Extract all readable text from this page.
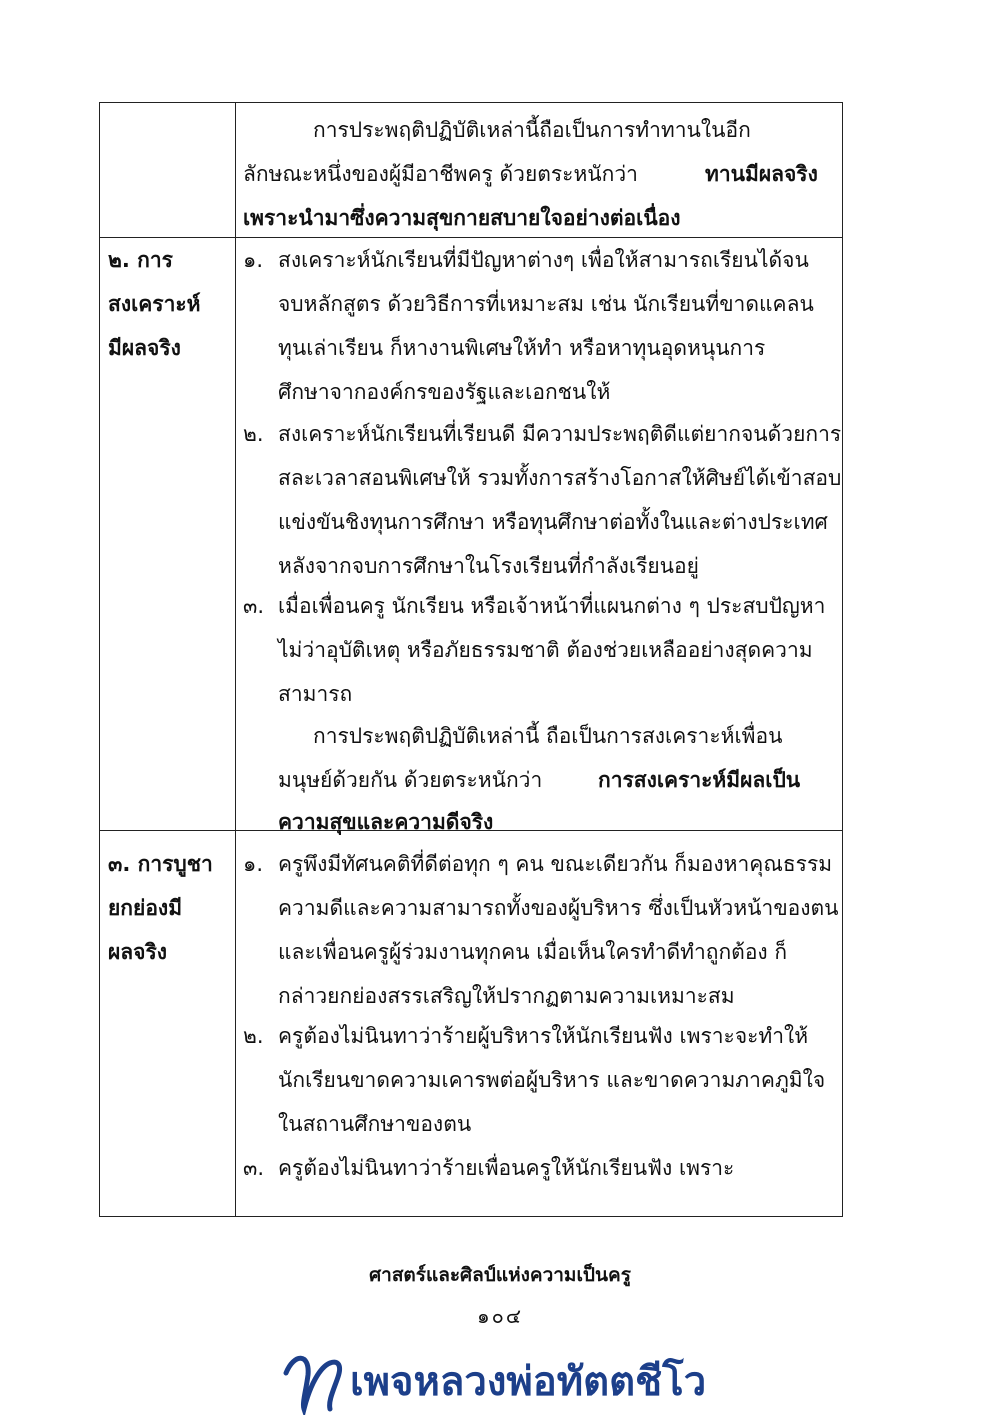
การประพฤติปฏิบัติเหล่านี้ถือเป็นการทำทานในอีก
ลักษณะหนึ่งของผู้มีอาชีพครู ด้วยตระหนักว่า	ทานมีผลจริง
เพราะนำมาซึ่งความสุขกายสบายใจอย่างต่อเนื่อง
๒. การ
สงเคราะห์
มีผลจริง
๑. สงเคราะห์นักเรียนที่มีปัญหาต่างๆ เพื่อให้สามารถเรียนได้จน
จบหลักสูตร ด้วยวิธีการที่เหมาะสม เช่น นักเรียนที่ขาดแคลน
ทุนเล่าเรียน ก็หางานพิเศษให้ทำ หรือหาทุนอุดหนุนการ
ศึกษาจากองค์กรของรัฐและเอกชนให้
๒. สงเคราะห์นักเรียนที่เรียนดี มีความประพฤติดีแต่ยากจนด้วยการ
สละเวลาสอนพิเศษให้ รวมทั้งการสร้างโอกาสให้ศิษย์ได้เข้าสอบ
แข่งขันชิงทุนการศึกษา หรือทุนศึกษาต่อทั้งในและต่างประเทศ
หลังจากจบการศึกษาในโรงเรียนที่กำลังเรียนอยู่
๓. เมื่อเพื่อนครู นักเรียน หรือเจ้าหน้าที่แผนกต่าง ๆ ประสบปัญหา
ไม่ว่าอุบัติเหตุ หรือภัยธรรมชาติ ต้องช่วยเหลืออย่างสุดความ
สามารถ
การประพฤติปฏิบัติเหล่านี้ ถือเป็นการสงเคราะห์เพื่อน
มนุษย์ด้วยกัน ด้วยตระหนักว่า	การสงเคราะห์มีผลเป็น
ความสุขและความดีจริง
๓. การบูชา
ยกย่องมี
ผลจริง
๑. ครูพึงมีทัศนคติที่ดีต่อทุก ๆ คน ขณะเดียวกัน ก็มองหาคุณธรรม
ความดีและความสามารถทั้งของผู้บริหาร ซึ่งเป็นหัวหน้าของตน
และเพื่อนครูผู้ร่วมงานทุกคน เมื่อเห็นใครทำดีทำถูกต้อง ก็
กล่าวยกย่องสรรเสริญให้ปรากฏตามความเหมาะสม
๒. ครูต้องไม่นินทาว่าร้ายผู้บริหารให้นักเรียนฟัง เพราะจะทำให้
นักเรียนขาดความเคารพต่อผู้บริหาร และขาดความภาคภูมิใจ
ในสถานศึกษาของตน
๓. ครูต้องไม่นินทาว่าร้ายเพื่อนครูให้นักเรียนฟัง เพราะ
ศาสตร์และศิลป์แห่งความเป็นครู
๑๐๔
เพจหลวงพ่อทัตตชีโว
